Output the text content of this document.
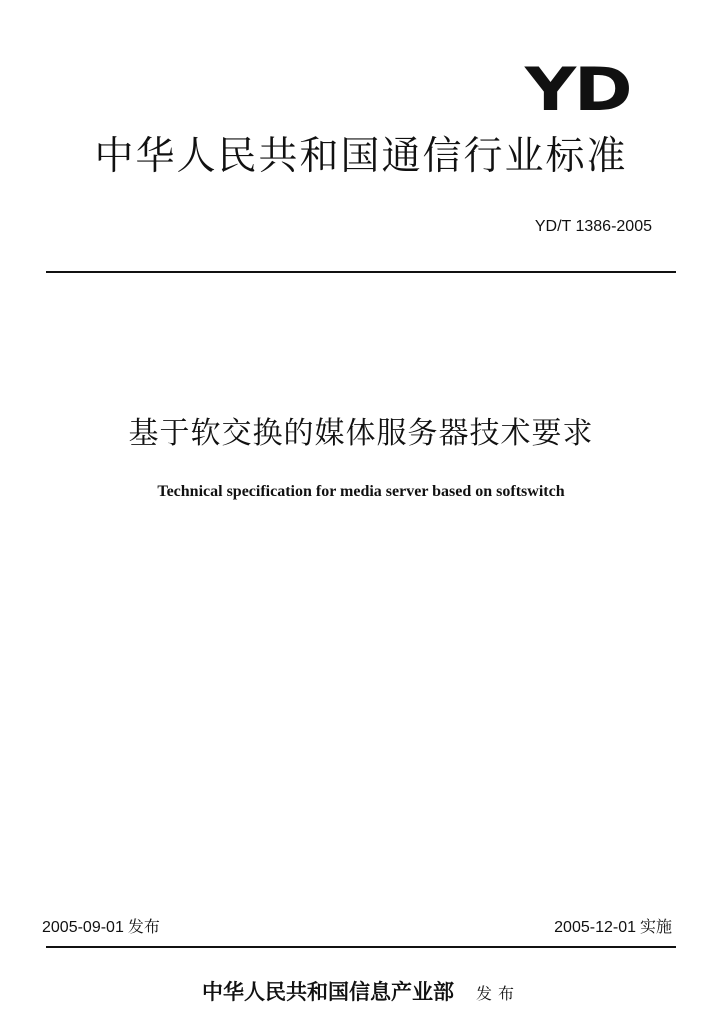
YD
中华人民共和国通信行业标准
YD/T 1386-2005
基于软交换的媒体服务器技术要求
Technical specification for media server based on softswitch
2005-09-01 发布	2005-12-01 实施
中华人民共和国信息产业部 发布
